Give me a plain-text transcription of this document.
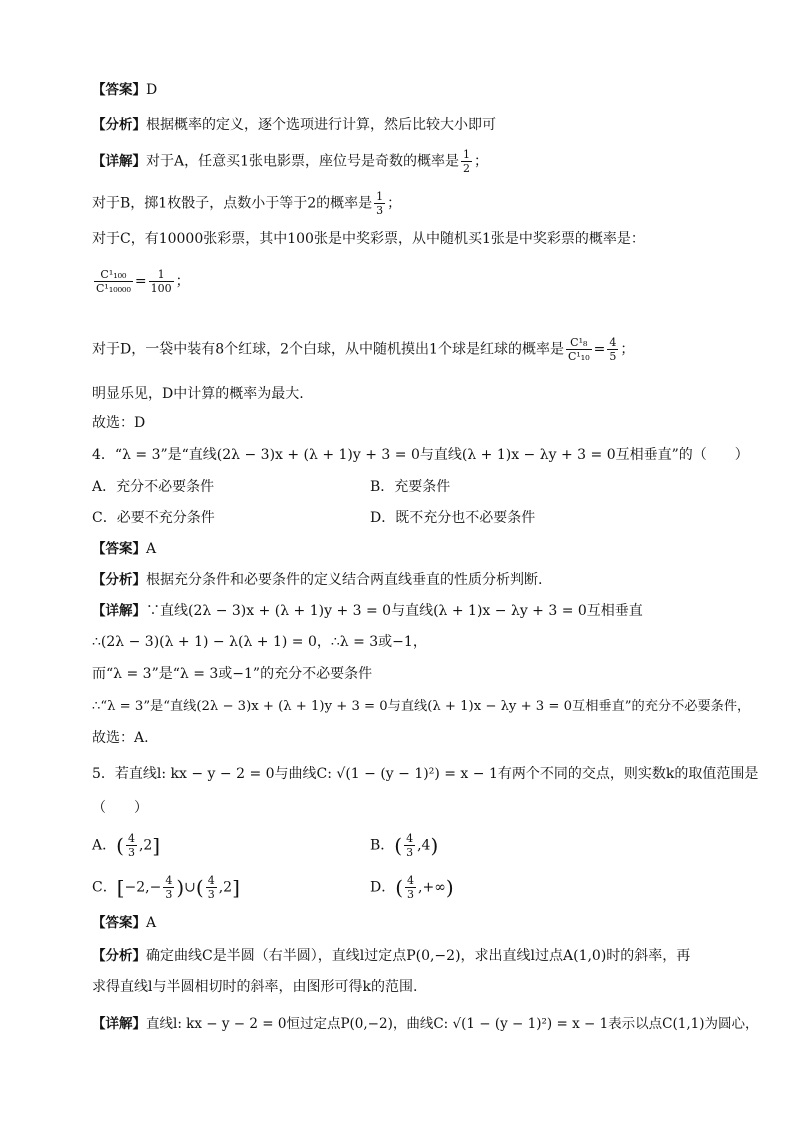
【答案】D
【分析】根据概率的定义，逐个选项进行计算，然后比较大小即可
【详解】对于A，任意买1张电影票，座位号是奇数的概率是 $\frac{1}{2}$ ；
对于B，掷1枚骰子，点数小于等于2的概率是 $\frac{1}{3}$ ；
对于C，有10000张彩票，其中100张是中奖彩票，从中随机买1张是中奖彩票的概率是：
$\frac{\text{C¹₁₀₀}}{\text{C¹₁₀₀₀₀}} = \frac{1}{100}$ ；
对于D，一袋中装有8个红球，2个白球，从中随机摸出1个球是红球的概率是 $\frac{\text{C¹₈}}{\text{C¹₁₀}} = \frac{4}{5}$ ；
明显乐见，D中计算的概率为最大.
故选：D
4．“λ = 3”是“直线(2λ − 3)x + (λ + 1)y + 3 = 0与直线(λ + 1)x − λy + 3 = 0互相垂直”的（　　）
A．充分不必要条件	B．充要条件
C．必要不充分条件	D．既不充分也不必要条件
【答案】A
【分析】根据充分条件和必要条件的定义结合两直线垂直的性质分析判断.
【详解】∵直线(2λ − 3)x + (λ + 1)y + 3 = 0与直线(λ + 1)x − λy + 3 = 0互相垂直
∴(2λ − 3)(λ + 1) − λ(λ + 1) = 0，∴λ = 3或−1，
而“λ = 3”是“λ = 3或−1”的充分不必要条件
∴“λ = 3”是“直线(2λ − 3)x + (λ + 1)y + 3 = 0与直线(λ + 1)x − λy + 3 = 0互相垂直”的充分不必要条件，
故选：A.
5．若直线l: kx − y − 2 = 0与曲线C: √(1 − (y − 1)²) = x − 1有两个不同的交点，则实数k的取值范围是
（　　）
A．( $\frac{4}{3} ,2$]	B．( $\frac{4}{3} ,4$)
C．[$-2,- \frac{4}{3}$ )∪( $\frac{4}{3} ,2$]	D．( $\frac{4}{3}$ ,+∞)
【答案】A
【分析】确定曲线C是半圆（右半圆），直线l过定点P(0,−2)，求出直线l过点A(1,0)时的斜率，再
求得直线l与半圆相切时的斜率，由图形可得k的范围.
【详解】直线l: kx − y − 2 = 0恒过定点P(0,−2)，曲线C: √(1 − (y − 1)²) = x − 1表示以点C(1,1)为圆心，
